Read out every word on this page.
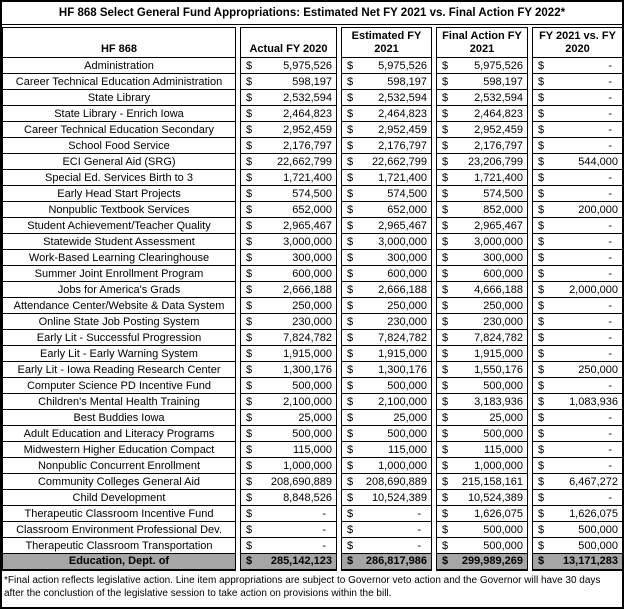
HF 868 Select General Fund Appropriations: Estimated Net FY 2021 vs. Final Action FY 2022*
HF 868		Actual FY 2020		Estimated FY 2021		Final Action FY 2021		FY 2021 vs. FY 2020
Administration		$ 5,975,526		$ 5,975,526		$ 5,975,526		$ -

Career Technical Education Administration		$ 598,197		$ 598,197		$ 598,197		$ -

State Library		$ 2,532,594		$ 2,532,594		$ 2,532,594		$ -

State Library - Enrich Iowa		$ 2,464,823		$ 2,464,823		$ 2,464,823		$ -

Career Technical Education Secondary		$ 2,952,459		$ 2,952,459		$ 2,952,459		$ -

School Food Service		$ 2,176,797		$ 2,176,797		$ 2,176,797		$ -

ECI General Aid (SRG)		$ 22,662,799		$ 22,662,799		$ 23,206,799		$ 544,000

Special Ed. Services Birth to 3		$ 1,721,400		$ 1,721,400		$ 1,721,400		$ -

Early Head Start Projects		$ 574,500		$ 574,500		$ 574,500		$ -

Nonpublic Textbook Services		$ 652,000		$ 652,000		$ 852,000		$ 200,000

Student Achievement/Teacher Quality		$ 2,965,467		$ 2,965,467		$ 2,965,467		$ -

Statewide Student Assessment		$ 3,000,000		$ 3,000,000		$ 3,000,000		$ -

Work-Based Learning Clearinghouse		$ 300,000		$ 300,000		$ 300,000		$ -

Summer Joint Enrollment Program		$ 600,000		$ 600,000		$ 600,000		$ -

Jobs for America's Grads		$ 2,666,188		$ 2,666,188		$ 4,666,188		$ 2,000,000

Attendance Center/Website & Data System		$ 250,000		$ 250,000		$ 250,000		$ -

Online State Job Posting System		$ 230,000		$ 230,000		$ 230,000		$ -

Early Lit - Successful Progression		$ 7,824,782		$ 7,824,782		$ 7,824,782		$ -

Early Lit - Early Warning System		$ 1,915,000		$ 1,915,000		$ 1,915,000		$ -

Early Lit - Iowa Reading Research Center		$ 1,300,176		$ 1,300,176		$ 1,550,176		$ 250,000

Computer Science PD Incentive Fund		$ 500,000		$ 500,000		$ 500,000		$ -

Children's Mental Health Training		$ 2,100,000		$ 2,100,000		$ 3,183,936		$ 1,083,936

Best Buddies Iowa		$ 25,000		$ 25,000		$ 25,000		$ -

Adult Education and Literacy Programs		$ 500,000		$ 500,000		$ 500,000		$ -

Midwestern Higher Education Compact		$ 115,000		$ 115,000		$ 115,000		$ -

Nonpublic Concurrent Enrollment		$ 1,000,000		$ 1,000,000		$ 1,000,000		$ -

Community Colleges General Aid		$ 208,690,889		$ 208,690,889		$ 215,158,161		$ 6,467,272

Child Development		$ 8,848,526		$ 10,524,389		$ 10,524,389		$ -

Therapeutic Classroom Incentive Fund		$ -		$ -		$ 1,626,075		$ 1,626,075

Classroom Environment Professional Dev.		$ -		$ -		$ 500,000		$ 500,000

Therapeutic Classroom Transportation		$ -		$ -		$ 500,000		$ 500,000

Education, Dept. of		$ 285,142,123		$ 286,817,986		$ 299,989,269		$ 13,171,283
*Final action reflects legislative action. Line item appropriations are subject to Governor veto action and the Governor will have 30 days after the conclustion of the legislative session to take action on provisions within the bill.
